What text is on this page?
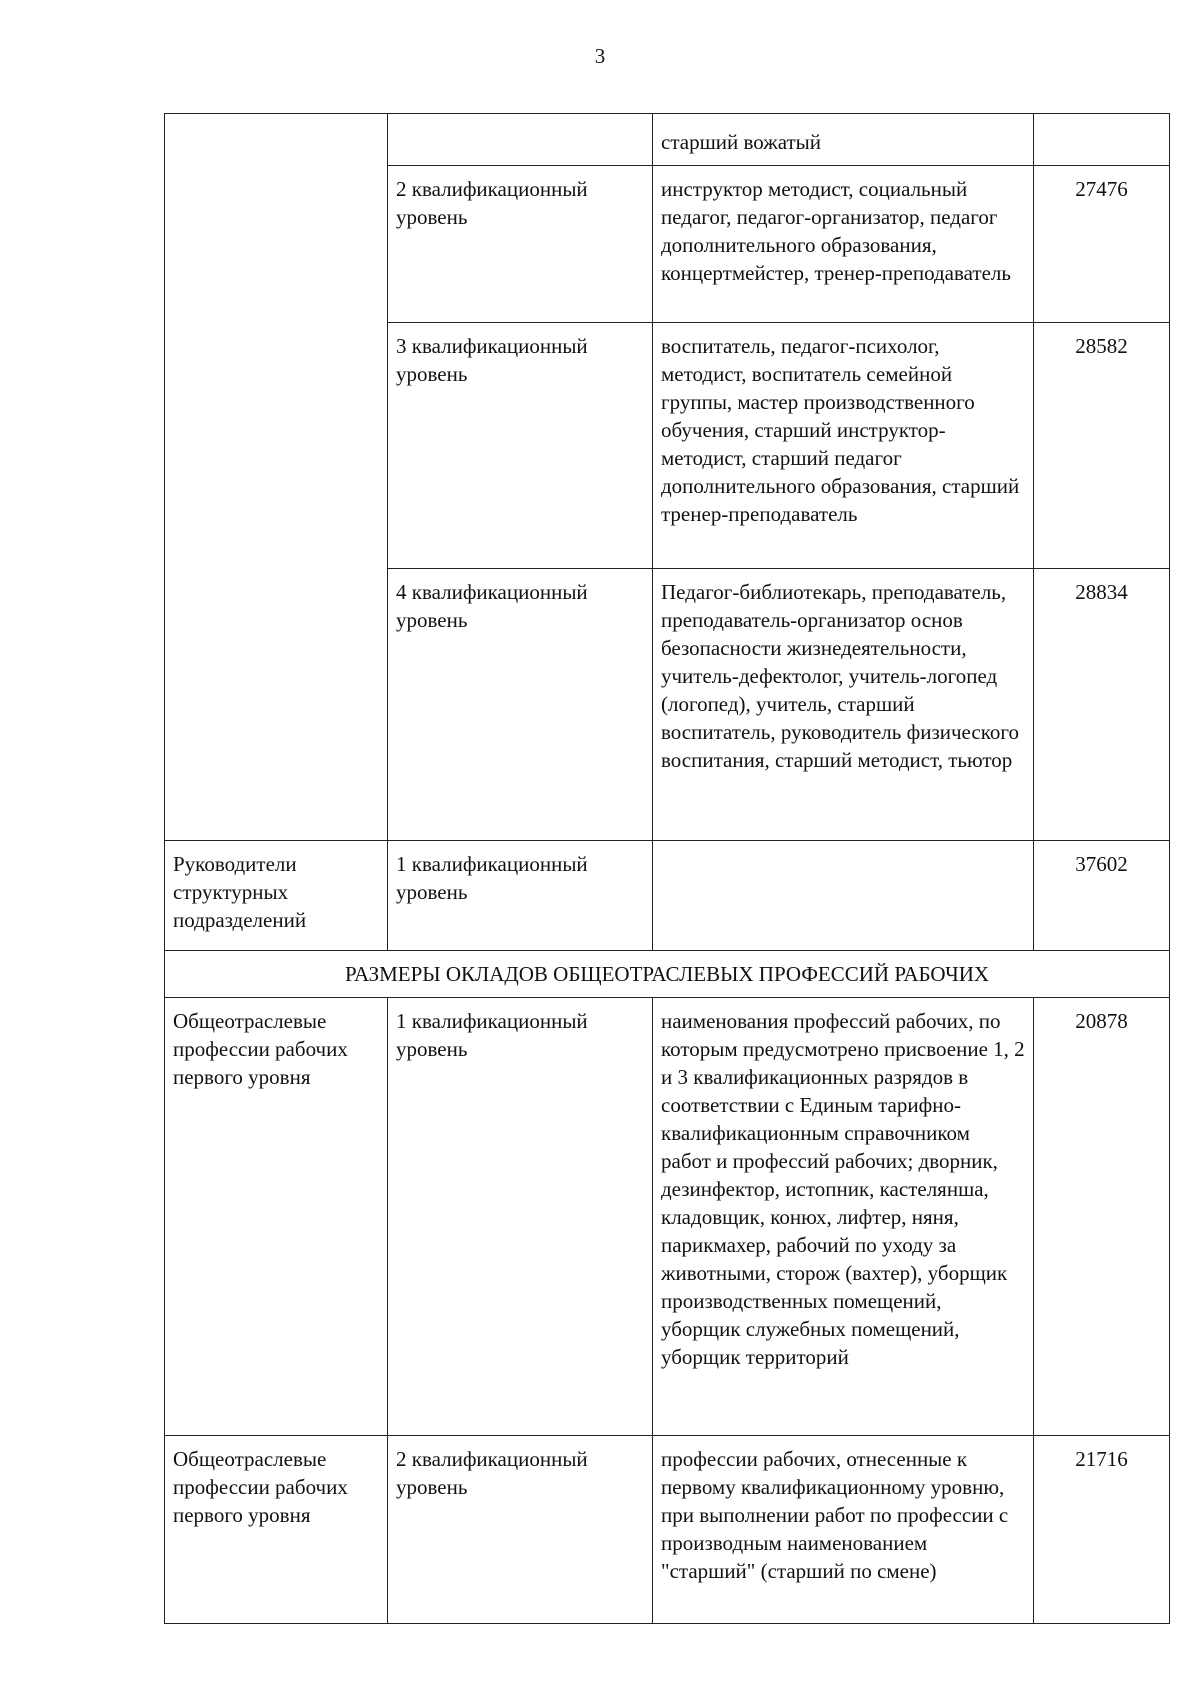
3
		старший вожатый	
	2 квалификационный уровень	инструктор методист, социальный педагог, педагог-организатор, педагог дополнительного образования, концертмейстер, тренер-преподаватель	27476
	3 квалификационный уровень	воспитатель, педагог-психолог, методист, воспитатель семейной группы, мастер производственного обучения, старший инструктор-методист, старший педагог дополнительного образования, старший тренер-преподаватель	28582
	4 квалификационный уровень	Педагог-библиотекарь, преподаватель, преподаватель-организатор основ безопасности жизнедеятельности, учитель-дефектолог, учитель-логопед (логопед), учитель, старший воспитатель, руководитель физического воспитания, старший методист, тьютор	28834
Руководители структурных подразделений	1 квалификационный уровень		37602
РАЗМЕРЫ ОКЛАДОВ ОБЩЕОТРАСЛЕВЫХ ПРОФЕССИЙ РАБОЧИХ			
Общеотраслевые профессии рабочих первого уровня	1 квалификационный уровень	наименования профессий рабочих, по которым предусмотрено присвоение 1, 2 и 3 квалификационных разрядов в соответствии с Единым тарифно-квалификационным справочником работ и профессий рабочих; дворник, дезинфектор, истопник, кастелянша, кладовщик, конюх, лифтер, няня, парикмахер, рабочий по уходу за животными, сторож (вахтер), уборщик производственных помещений, уборщик служебных помещений, уборщик территорий	20878
Общеотраслевые профессии рабочих первого уровня	2 квалификационный уровень	профессии рабочих, отнесенные к первому квалификационному уровню, при выполнении работ по профессии с производным наименованием "старший" (старший по смене)	21716
